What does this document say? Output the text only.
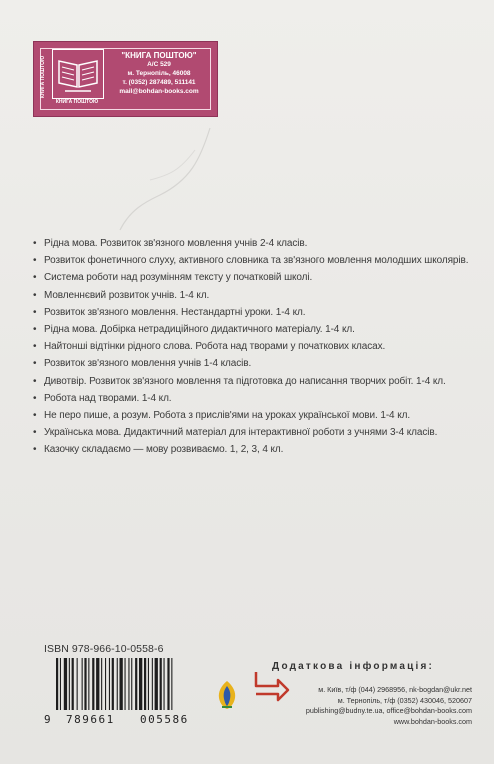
КНИГА ПОШТОЮ
КНИГА ПОШТОЮ
"КНИГА ПОШТОЮ"
А/С 529
м. Тернопіль, 46008
т. (0352) 287489, 511141
mail@bohdan-books.com
• Рідна мова. Розвиток зв'язного мовлення учнів 2-4 класів.
• Розвиток фонетичного слуху, активного словника та зв'язного мовлення молодших школярів.
• Система роботи над розумінням тексту у початковій школі.
• Мовленнєвий розвиток учнів. 1-4 кл.
• Розвиток зв'язного мовлення. Нестандартні уроки. 1-4 кл.
• Рідна мова. Добірка нетрадиційного дидактичного матеріалу. 1-4 кл.
• Найтонші відтінки рідного слова. Робота над творами у початкових класах.
• Розвиток зв'язного мовлення учнів 1-4 класів.
• Дивотвір. Розвиток зв'язного мовлення та підготовка до написання творчих робіт. 1-4 кл.
• Робота над творами. 1-4 кл.
• Не перо пише, а розум. Робота з прислів'ями на уроках української мови. 1-4 кл.
• Українська мова. Дидактичний матеріал для інтерактивної роботи з учнями 3-4 класів.
• Казочку складаємо — мову розвиваємо. 1, 2, 3, 4 кл.
ISBN 978-966-10-0558-6
9 789661 005586
Додаткова інформація:
м. Київ, т/ф (044) 2968956, nk-bogdan@ukr.net
м. Тернопіль, т/ф (0352) 430046, 520607
publishing@budny.te.ua, office@bohdan-books.com
www.bohdan-books.com
